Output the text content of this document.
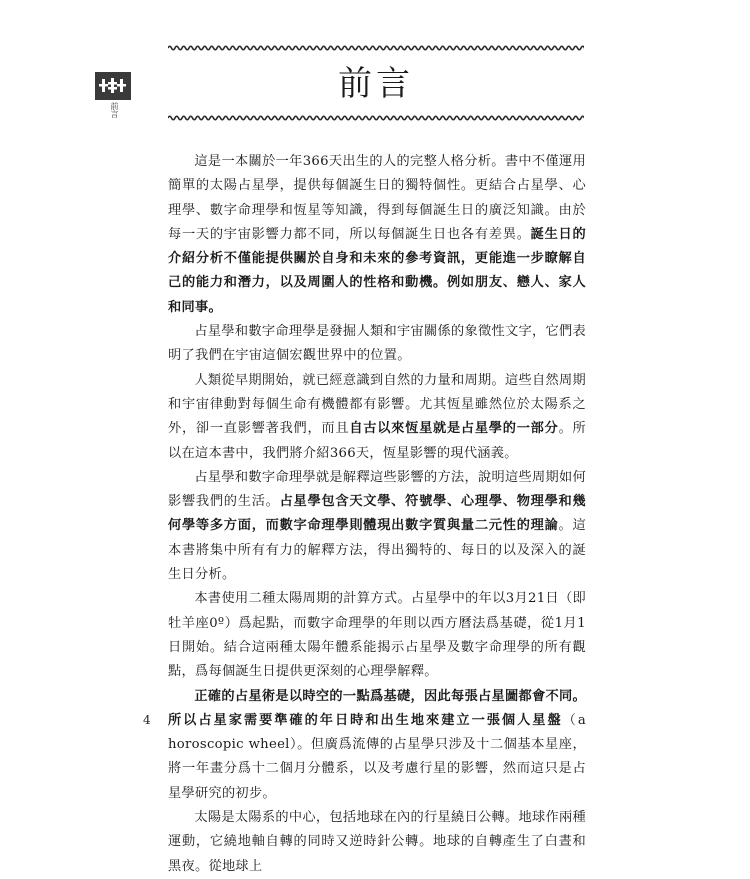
前言
前言

這是一本關於一年366天出生的人的完整人格分析。書中不僅運用簡單的太陽占星學，提供每個誕生日的獨特個性。更結合占星學、心理學、數字命理學和恆星等知識，得到每個誕生日的廣泛知識。由於每一天的宇宙影響力都不同，所以每個誕生日也各有差異。誕生日的介紹分析不僅能提供關於自身和未來的參考資訊，更能進一步瞭解自己的能力和潛力，以及周圍人的性格和動機。例如朋友、戀人、家人和同事。

占星學和數字命理學是發掘人類和宇宙關係的象徵性文字，它們表明了我們在宇宙這個宏觀世界中的位置。

人類從早期開始，就已經意識到自然的力量和周期。這些自然周期和宇宙律動對每個生命有機體都有影響。尤其恆星雖然位於太陽系之外，卻一直影響著我們，而且自古以來恆星就是占星學的一部分。所以在這本書中，我們將介紹366天，恆星影響的現代涵義。

占星學和數字命理學就是解釋這些影響的方法，說明這些周期如何影響我們的生活。占星學包含天文學、符號學、心理學、物理學和幾何學等多方面，而數字命理學則體現出數字質與量二元性的理論。這本書將集中所有有力的解釋方法，得出獨特的、每日的以及深入的誕生日分析。

本書使用二種太陽周期的計算方式。占星學中的年以3月21日（即牡羊座0º）爲起點，而數字命理學的年則以西方曆法爲基礎，從1月1日開始。結合這兩種太陽年體系能揭示占星學及數字命理學的所有觀點，爲每個誕生日提供更深刻的心理學解釋。

正確的占星術是以時空的一點爲基礎，因此每張占星圖都會不同。所以占星家需要準確的年日時和出生地來建立一張個人星盤（a horoscopic wheel）。但廣爲流傳的占星學只涉及十二個基本星座，將一年畫分爲十二個月分體系，以及考慮行星的影響，然而這只是占星學研究的初步。

太陽是太陽系的中心，包括地球在內的行星繞日公轉。地球作兩種運動，它繞地軸自轉的同時又逆時針公轉。地球的自轉產生了白晝和黑夜。從地球上

4
